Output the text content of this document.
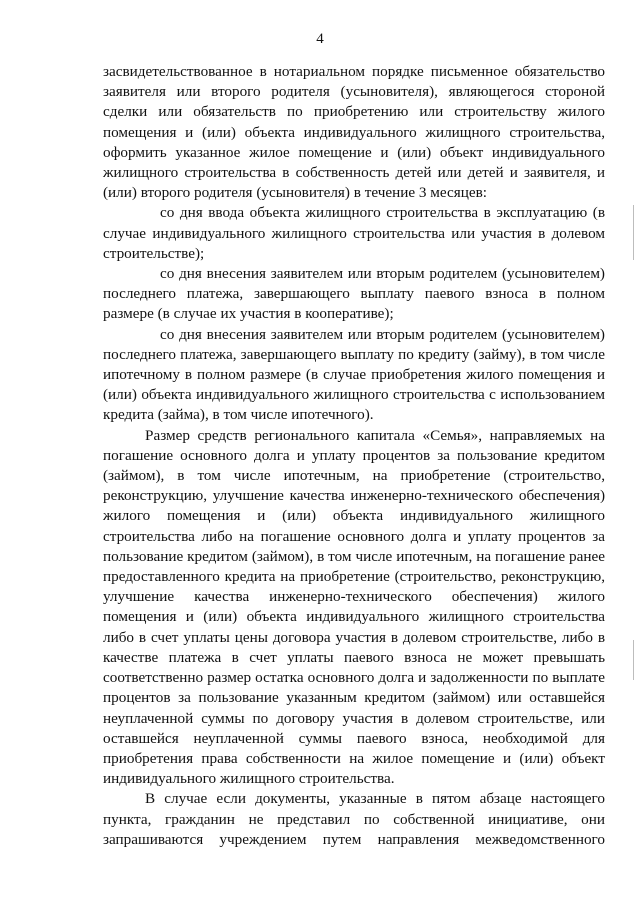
4

засвидетельствованное в нотариальном порядке письменное обязательство заявителя или второго родителя (усыновителя), являющегося стороной сделки или обязательств по приобретению или строительству жилого помещения и (или) объекта индивидуального жилищного строительства, оформить указанное жилое помещение и (или) объект индивидуального жилищного строительства в собственность детей или детей и заявителя, и (или) второго родителя (усыновителя) в течение 3 месяцев:

со дня ввода объекта жилищного строительства в эксплуатацию (в случае индивидуального жилищного строительства или участия в долевом строительстве);

со дня внесения заявителем или вторым родителем (усыновителем) последнего платежа, завершающего выплату паевого взноса в полном размере (в случае их участия в кооперативе);

со дня внесения заявителем или вторым родителем (усыновителем) последнего платежа, завершающего выплату по кредиту (займу), в том числе ипотечному в полном размере (в случае приобретения жилого помещения и (или) объекта индивидуального жилищного строительства с использованием кредита (займа), в том числе ипотечного).

Размер средств регионального капитала «Семья», направляемых на погашение основного долга и уплату процентов за пользование кредитом (займом), в том числе ипотечным, на приобретение (строительство, реконструкцию, улучшение качества инженерно-технического обеспечения) жилого помещения и (или) объекта индивидуального жилищного строительства либо на погашение основного долга и уплату процентов за пользование кредитом (займом), в том числе ипотечным, на погашение ранее предоставленного кредита на приобретение (строительство, реконструкцию, улучшение качества инженерно-технического обеспечения) жилого помещения и (или) объекта индивидуального жилищного строительства либо в счет уплаты цены договора участия в долевом строительстве, либо в качестве платежа в счет уплаты паевого взноса не может превышать соответственно размер остатка основного долга и задолженности по выплате процентов за пользование указанным кредитом (займом) или оставшейся неуплаченной суммы по договору участия в долевом строительстве, или оставшейся неуплаченной суммы паевого взноса, необходимой для приобретения права собственности на жилое помещение и (или) объект индивидуального жилищного строительства.

В случае если документы, указанные в пятом абзаце настоящего пункта, гражданин не представил по собственной инициативе, они запрашиваются учреждением путем направления межведомственного
